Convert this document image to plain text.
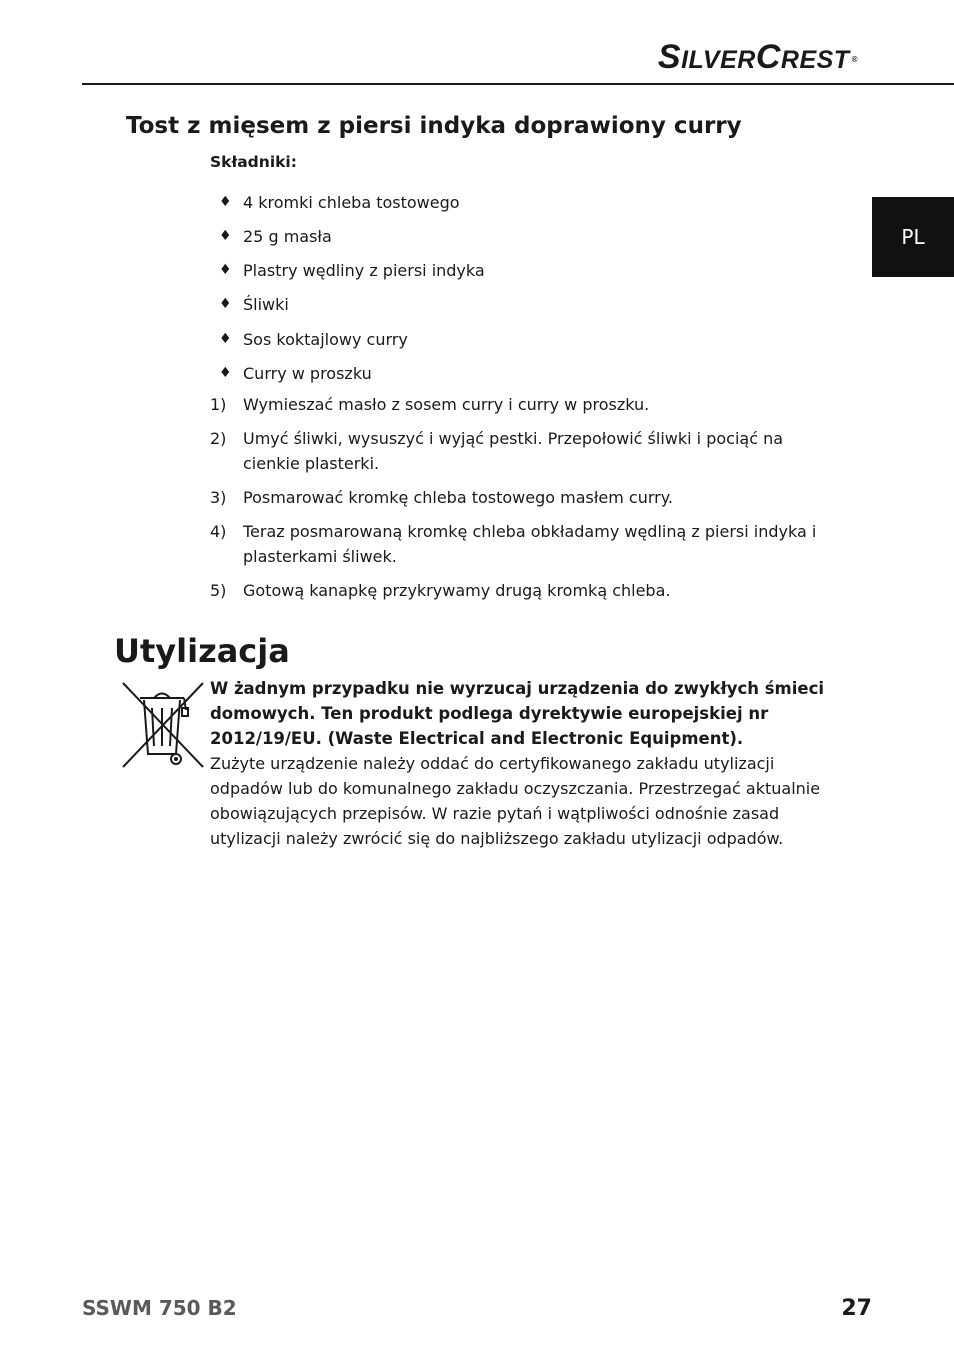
SILVERCREST ®
PL
Tost z mięsem z piersi indyka doprawiony curry
Składniki:
♦ 4 kromki chleba tostowego
♦ 25 g masła
♦ Plastry wędliny z piersi indyka
♦ Śliwki
♦ Sos koktajlowy curry
♦ Curry w proszku
1) Wymieszać masło z sosem curry i curry w proszku.
2) Umyć śliwki, wysuszyć i wyjąć pestki. Przepołowić śliwki i pociąć na cienkie plasterki.
3) Posmarować kromkę chleba tostowego masłem curry.
4) Teraz posmarowaną kromkę chleba obkładamy wędliną z piersi indyka i plasterkami śliwek.
5) Gotową kanapkę przykrywamy drugą kromką chleba.
Utylizacja

W żadnym przypadku nie wyrzucaj urządzenia do zwykłych śmieci domowych. Ten produkt podlega dyrektywie europejskiej nr 2012/19/EU. (Waste Electrical and Electronic Equipment).

Zużyte urządzenie należy oddać do certyfikowanego zakładu utylizacji odpadów lub do komunalnego zakładu oczyszczania. Przestrzegać aktualnie obowiązujących przepisów. W razie pytań i wątpliwości odnośnie zasad utylizacji należy zwrócić się do najbliższego zakładu utylizacji odpadów.

SSWM 750 B2	27
